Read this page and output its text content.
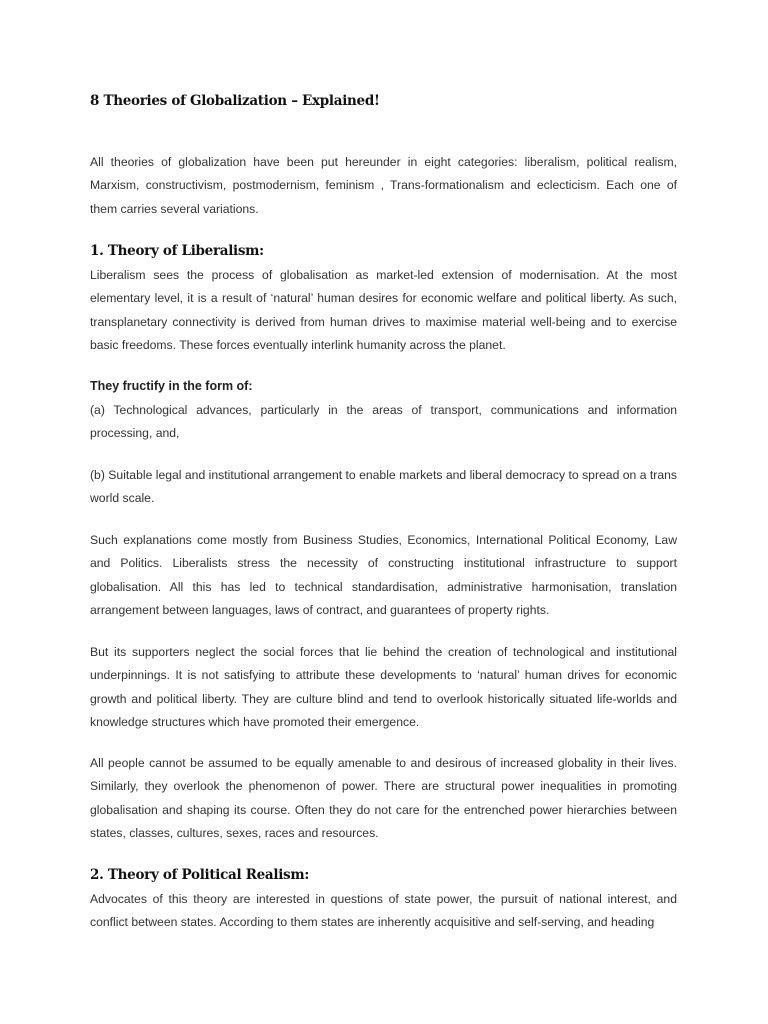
8 Theories of Globalization – Explained!

All theories of globalization have been put hereunder in eight categories: liberalism, political realism, Marxism, constructivism, postmodernism, feminism , Trans-formationalism and eclecticism. Each one of them carries several variations.

1. Theory of Liberalism:

Liberalism sees the process of globalisation as market-led extension of modernisation. At the most elementary level, it is a result of ‘natural’ human desires for economic welfare and political liberty. As such, transplanetary connectivity is derived from human drives to maximise material well-being and to exercise basic freedoms. These forces eventually interlink humanity across the planet.

They fructify in the form of:

(a) Technological advances, particularly in the areas of transport, communications and information processing, and,

(b) Suitable legal and institutional arrangement to enable markets and liberal democracy to spread on a trans world scale.

Such explanations come mostly from Business Studies, Economics, International Political Economy, Law and Politics. Liberalists stress the necessity of constructing institutional infrastructure to support globalisation. All this has led to technical standardisation, administrative harmonisation, translation arrangement between languages, laws of contract, and guarantees of property rights.

But its supporters neglect the social forces that lie behind the creation of technological and institutional underpinnings. It is not satisfying to attribute these developments to ‘natural’ human drives for economic growth and political liberty. They are culture blind and tend to overlook historically situated life-worlds and knowledge structures which have promoted their emergence.

All people cannot be assumed to be equally amenable to and desirous of increased globality in their lives. Similarly, they overlook the phenomenon of power. There are structural power inequalities in promoting globalisation and shaping its course. Often they do not care for the entrenched power hierarchies between states, classes, cultures, sexes, races and resources.

2. Theory of Political Realism:

Advocates of this theory are interested in questions of state power, the pursuit of national interest, and conflict between states. According to them states are inherently acquisitive and self-serving, and heading
